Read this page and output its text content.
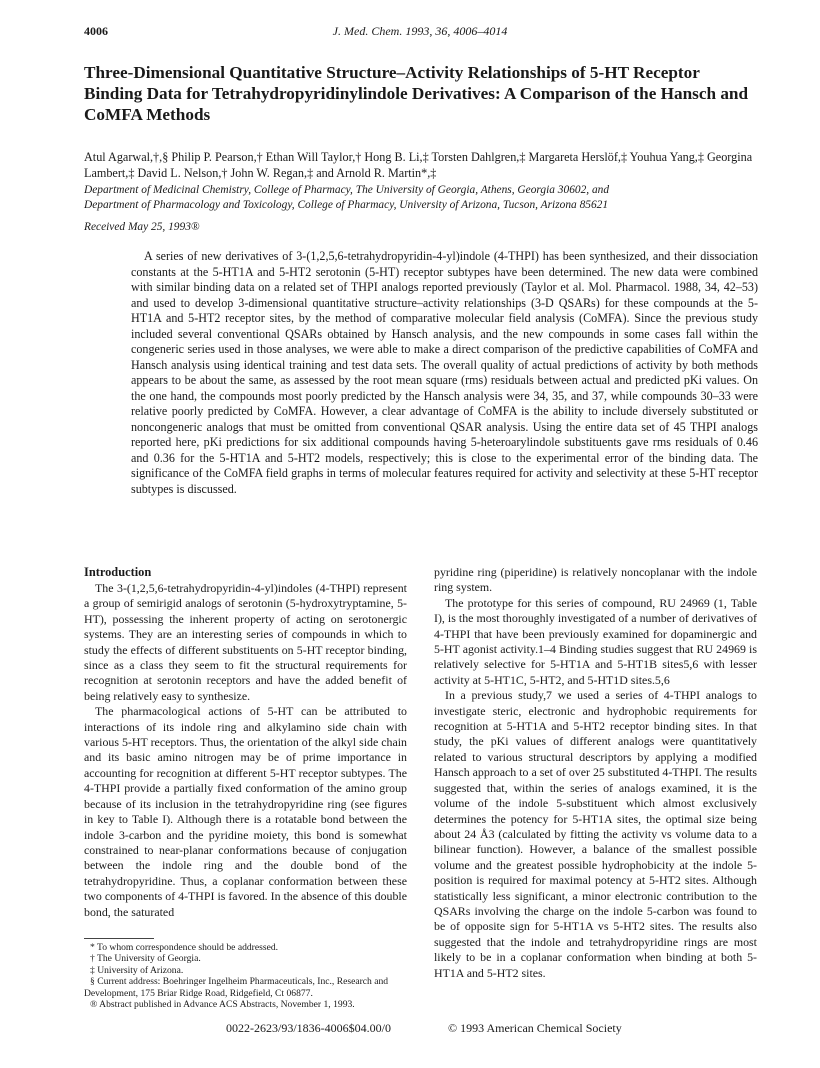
4006	J. Med. Chem. 1993, 36, 4006–4014
Three-Dimensional Quantitative Structure–Activity Relationships of 5-HT Receptor Binding Data for Tetrahydropyridinylindole Derivatives: A Comparison of the Hansch and CoMFA Methods
Atul Agarwal,†,§ Philip P. Pearson,† Ethan Will Taylor,† Hong B. Li,‡ Torsten Dahlgren,‡ Margareta Herslöf,‡ Youhua Yang,‡ Georgina Lambert,‡ David L. Nelson,† John W. Regan,‡ and Arnold R. Martin*,‡
Department of Medicinal Chemistry, College of Pharmacy, The University of Georgia, Athens, Georgia 30602, and
Department of Pharmacology and Toxicology, College of Pharmacy, University of Arizona, Tucson, Arizona 85621
Received May 25, 1993®

A series of new derivatives of 3-(1,2,5,6-tetrahydropyridin-4-yl)indole (4-THPI) has been synthesized, and their dissociation constants at the 5-HT1A and 5-HT2 serotonin (5-HT) receptor subtypes have been determined. The new data were combined with similar binding data on a related set of THPI analogs reported previously (Taylor et al. Mol. Pharmacol. 1988, 34, 42–53) and used to develop 3-dimensional quantitative structure–activity relationships (3-D QSARs) for these compounds at the 5-HT1A and 5-HT2 receptor sites, by the method of comparative molecular field analysis (CoMFA). Since the previous study included several conventional QSARs obtained by Hansch analysis, and the new compounds in some cases fall within the congeneric series used in those analyses, we were able to make a direct comparison of the predictive capabilities of CoMFA and Hansch analysis using identical training and test data sets. The overall quality of actual predictions of activity by both methods appears to be about the same, as assessed by the root mean square (rms) residuals between actual and predicted pKi values. On the one hand, the compounds most poorly predicted by the Hansch analysis were 34, 35, and 37, while compounds 30–33 were relative poorly predicted by CoMFA. However, a clear advantage of CoMFA is the ability to include diversely substituted or noncongeneric analogs that must be omitted from conventional QSAR analysis. Using the entire data set of 45 THPI analogs reported here, pKi predictions for six additional compounds having 5-heteroarylindole substituents gave rms residuals of 0.46 and 0.36 for the 5-HT1A and 5-HT2 models, respectively; this is close to the experimental error of the binding data. The significance of the CoMFA field graphs in terms of molecular features required for activity and selectivity at these 5-HT receptor subtypes is discussed.

Introduction

The 3-(1,2,5,6-tetrahydropyridin-4-yl)indoles (4-THPI) represent a group of semirigid analogs of serotonin (5-hydroxytryptamine, 5-HT), possessing the inherent property of acting on serotonergic systems. They are an interesting series of compounds in which to study the effects of different substituents on 5-HT receptor binding, since as a class they seem to fit the structural requirements for recognition at serotonin receptors and have the added benefit of being relatively easy to synthesize.

The pharmacological actions of 5-HT can be attributed to interactions of its indole ring and alkylamino side chain with various 5-HT receptors. Thus, the orientation of the alkyl side chain and its basic amino nitrogen may be of prime importance in accounting for recognition at different 5-HT receptor subtypes. The 4-THPI provide a partially fixed conformation of the amino group because of its inclusion in the tetrahydropyridine ring (see figures in key to Table I). Although there is a rotatable bond between the indole 3-carbon and the pyridine moiety, this bond is somewhat constrained to near-planar conformations because of conjugation between the indole ring and the double bond of the tetrahydropyridine. Thus, a coplanar conformation between these two components of 4-THPI is favored. In the absence of this double bond, the saturated

pyridine ring (piperidine) is relatively noncoplanar with the indole ring system.

The prototype for this series of compound, RU 24969 (1, Table I), is the most thoroughly investigated of a number of derivatives of 4-THPI that have been previously examined for dopaminergic and 5-HT agonist activity.1–4 Binding studies suggest that RU 24969 is relatively selective for 5-HT1A and 5-HT1B sites5,6 with lesser activity at 5-HT1C, 5-HT2, and 5-HT1D sites.5,6

In a previous study,7 we used a series of 4-THPI analogs to investigate steric, electronic and hydrophobic requirements for recognition at 5-HT1A and 5-HT2 receptor binding sites. In that study, the pKi values of different analogs were quantitatively related to various structural descriptors by applying a modified Hansch approach to a set of over 25 substituted 4-THPI. The results suggested that, within the series of analogs examined, it is the volume of the indole 5-substituent which almost exclusively determines the potency for 5-HT1A sites, the optimal size being about 24 Å3 (calculated by fitting the activity vs volume data to a bilinear function). However, a balance of the smallest possible volume and the greatest possible hydrophobicity at the indole 5-position is required for maximal potency at 5-HT2 sites. Although statistically less significant, a minor electronic contribution to the QSARs involving the charge on the indole 5-carbon was found to be of opposite sign for 5-HT1A vs 5-HT2 sites. The results also suggested that the indole and tetrahydropyridine rings are most likely to be in a coplanar conformation when binding at both 5-HT1A and 5-HT2 sites.

* To whom correspondence should be addressed.
† The University of Georgia.
‡ University of Arizona.
§ Current address: Boehringer Ingelheim Pharmaceuticals, Inc., Research and Development, 175 Briar Ridge Road, Ridgefield, Ct 06877.
® Abstract published in Advance ACS Abstracts, November 1, 1993.
0022-2623/93/1836-4006$04.00/0	© 1993 American Chemical Society
